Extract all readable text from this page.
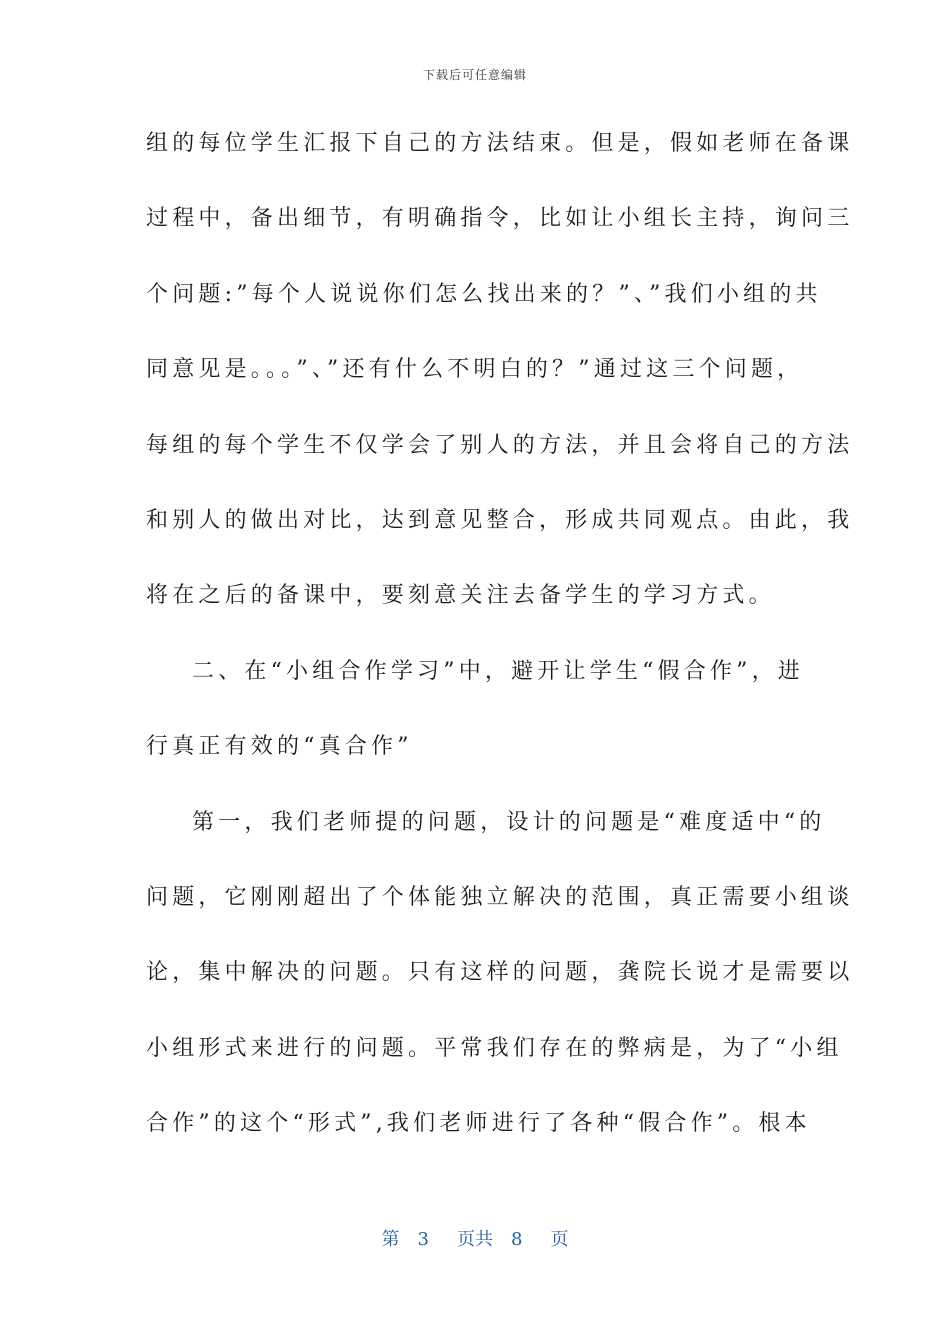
下载后可任意编辑
组的每位学生汇报下自己的方法结束。但是，假如老师在备课
过程中，备出细节，有明确指令，比如让小组长主持，询问三
个问题:”每个人说说你们怎么找出来的？”、”我们小组的共
同意见是。。。”、”还有什么不明白的？”通过这三个问题，
每组的每个学生不仅学会了别人的方法，并且会将自己的方法
和别人的做出对比，达到意见整合，形成共同观点。由此，我
将在之后的备课中，要刻意关注去备学生的学习方式。
二、在“小组合作学习”中，避开让学生“假合作”，进
行真正有效的“真合作”
第一，我们老师提的问题，设计的问题是“难度适中“的
问题，它刚刚超出了个体能独立解决的范围，真正需要小组谈
论，集中解决的问题。只有这样的问题，龚院长说才是需要以
小组形式来进行的问题。平常我们存在的弊病是，为了“小组
合作”的这个“形式”,我们老师进行了各种“假合作”。根本
第 3 页共 8 页
